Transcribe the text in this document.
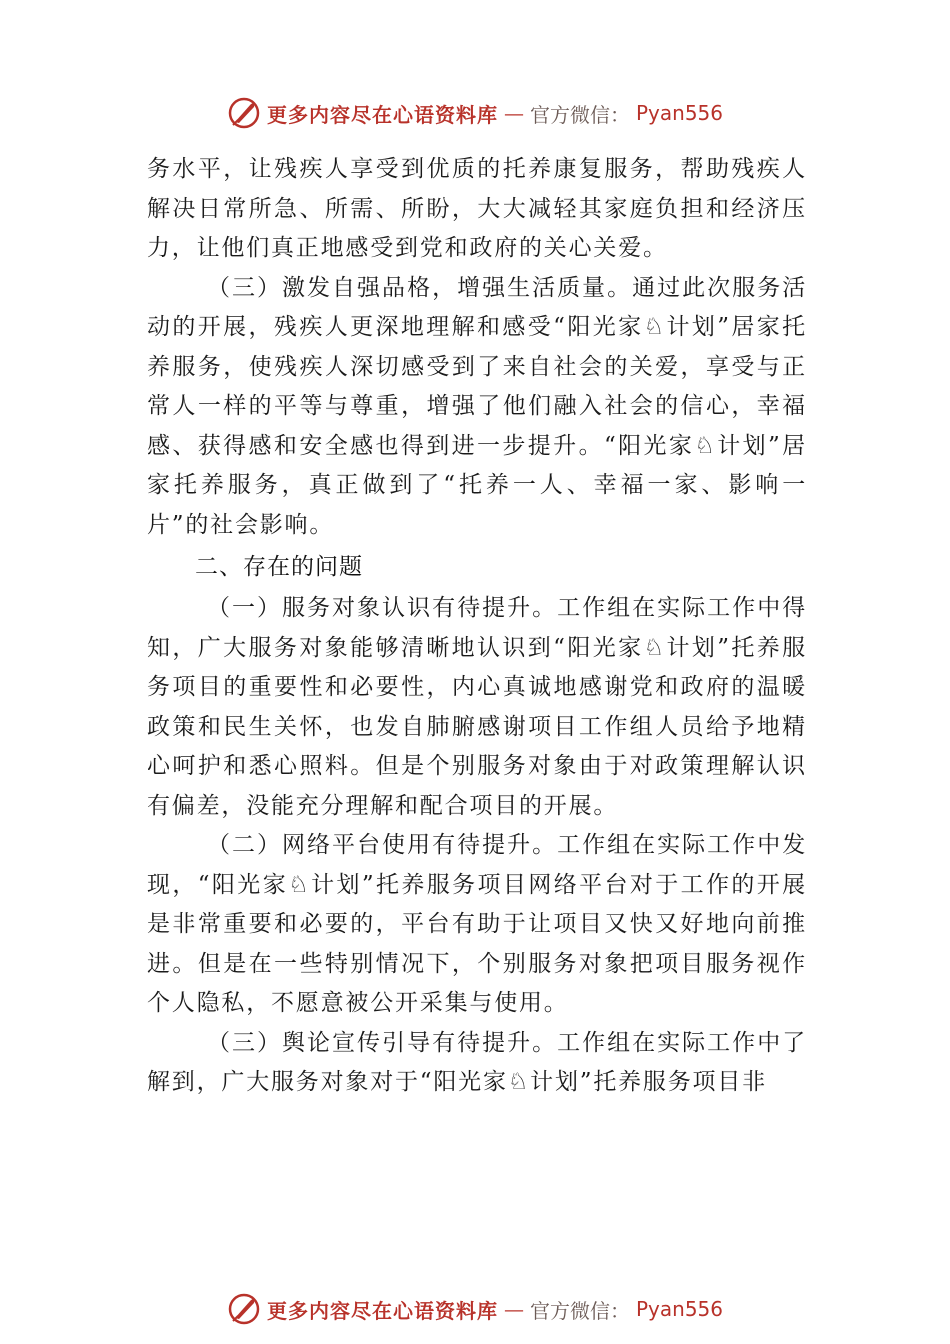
更多内容尽在心语资料库 — 官方微信： Pyan556

务水平，让残疾人享受到优质的托养康复服务，帮助残疾人解决日常所急、所需、所盼，大大减轻其家庭负担和经济压力，让他们真正地感受到党和政府的关心关爱。

（三）激发自强品格，增强生活质量。通过此次服务活动的开展，残疾人更深地理解和感受“阳光家♘计划”居家托养服务，使残疾人深切感受到了来自社会的关爱，享受与正常人一样的平等与尊重，增强了他们融入社会的信心，幸福感、获得感和安全感也得到进一步提升。“阳光家♘计划”居家托养服务，真正做到了“托养一人、幸福一家、影响一片”的社会影响。

二、存在的问题

（一）服务对象认识有待提升。工作组在实际工作中得知，广大服务对象能够清晰地认识到“阳光家♘计划”托养服务项目的重要性和必要性，内心真诚地感谢党和政府的温暖政策和民生关怀，也发自肺腑感谢项目工作组人员给予地精心呵护和悉心照料。但是个别服务对象由于对政策理解认识有偏差，没能充分理解和配合项目的开展。

（二）网络平台使用有待提升。工作组在实际工作中发现，“阳光家♘计划”托养服务项目网络平台对于工作的开展是非常重要和必要的，平台有助于让项目又快又好地向前推进。但是在一些特别情况下，个别服务对象把项目服务视作个人隐私，不愿意被公开采集与使用。

（三）舆论宣传引导有待提升。工作组在实际工作中了解到，广大服务对象对于“阳光家♘计划”托养服务项目非

更多内容尽在心语资料库 — 官方微信： Pyan556
